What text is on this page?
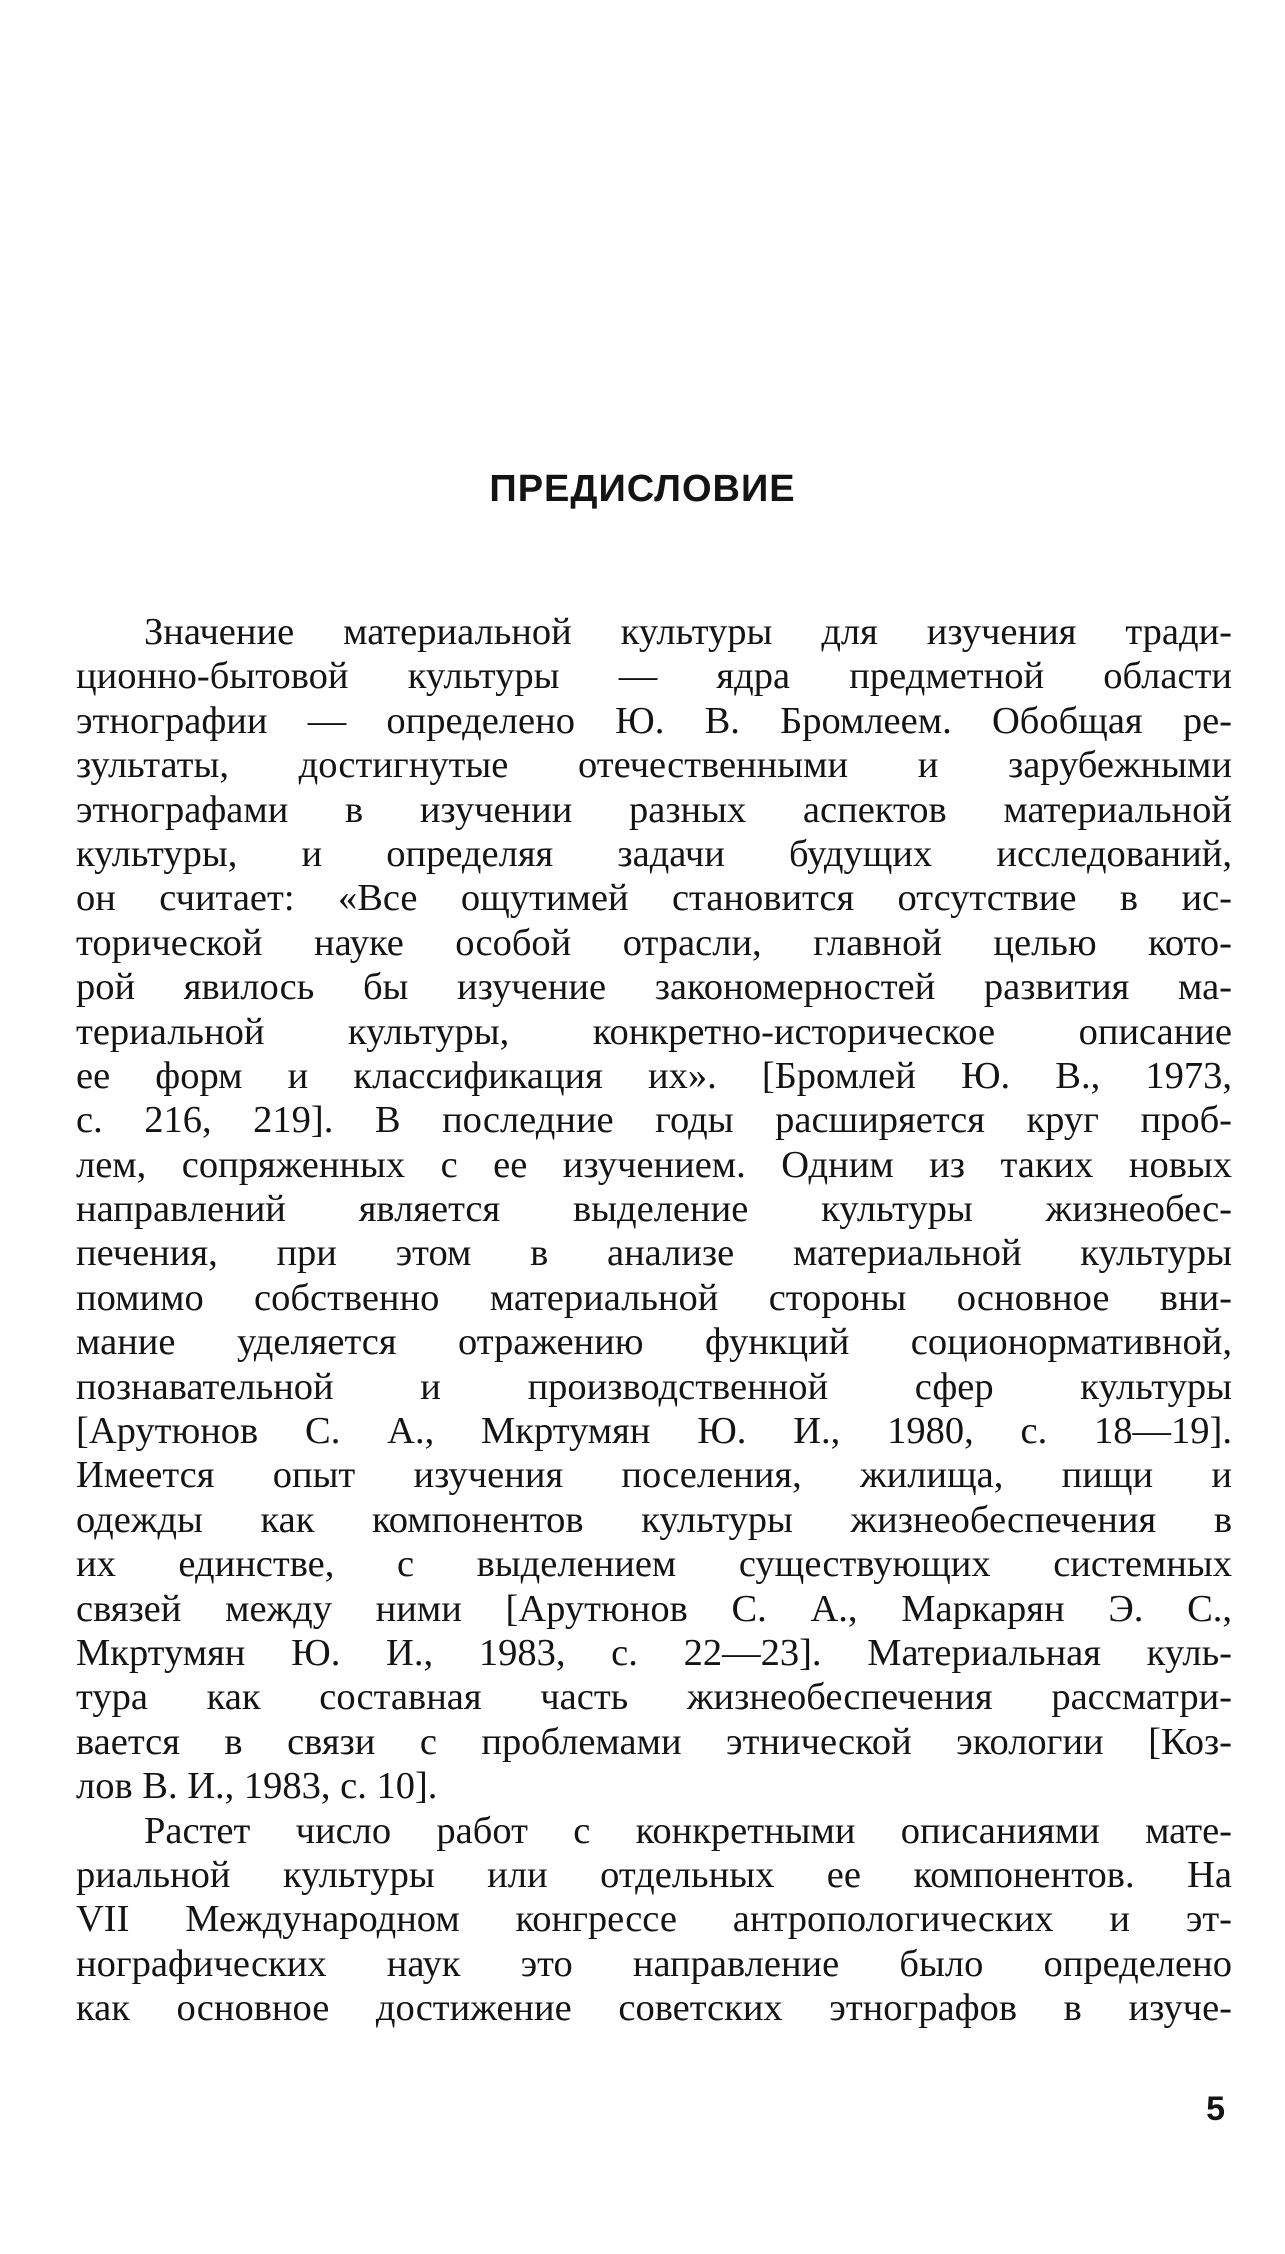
ПРЕДИСЛОВИЕ

Значение материальной культуры для изучения тради-
ционно-бытовой культуры — ядра предметной области
этнографии — определено Ю. В. Бромлеем. Обобщая ре-
зультаты, достигнутые отечественными и зарубежными
этнографами в изучении разных аспектов материальной
культуры, и определяя задачи будущих исследований,
он считает: «Все ощутимей становится отсутствие в ис-
торической науке особой отрасли, главной целью кото-
рой явилось бы изучение закономерностей развития ма-
териальной культуры, конкретно-историческое описание
ее форм и классификация их». [Бромлей Ю. В., 1973,
с. 216, 219]. В последние годы расширяется круг проб-
лем, сопряженных с ее изучением. Одним из таких новых
направлений является выделение культуры жизнеобес-
печения, при этом в анализе материальной культуры
помимо собственно материальной стороны основное вни-
мание уделяется отражению функций соционормативной,
познавательной и производственной сфер культуры
[Арутюнов С. А., Мкртумян Ю. И., 1980, с. 18—19].
Имеется опыт изучения поселения, жилища, пищи и
одежды как компонентов культуры жизнеобеспечения в
их единстве, с выделением существующих системных
связей между ними [Арутюнов С. А., Маркарян Э. С.,
Мкртумян Ю. И., 1983, с. 22—23]. Материальная куль-
тура как составная часть жизнеобеспечения рассматри-
вается в связи с проблемами этнической экологии [Коз-
лов В. И., 1983, с. 10].

Растет число работ с конкретными описаниями мате-
риальной культуры или отдельных ее компонентов. На
VII Международном конгрессе антропологических и эт-
нографических наук это направление было определено
как основное достижение советских этнографов в изуче-

5
